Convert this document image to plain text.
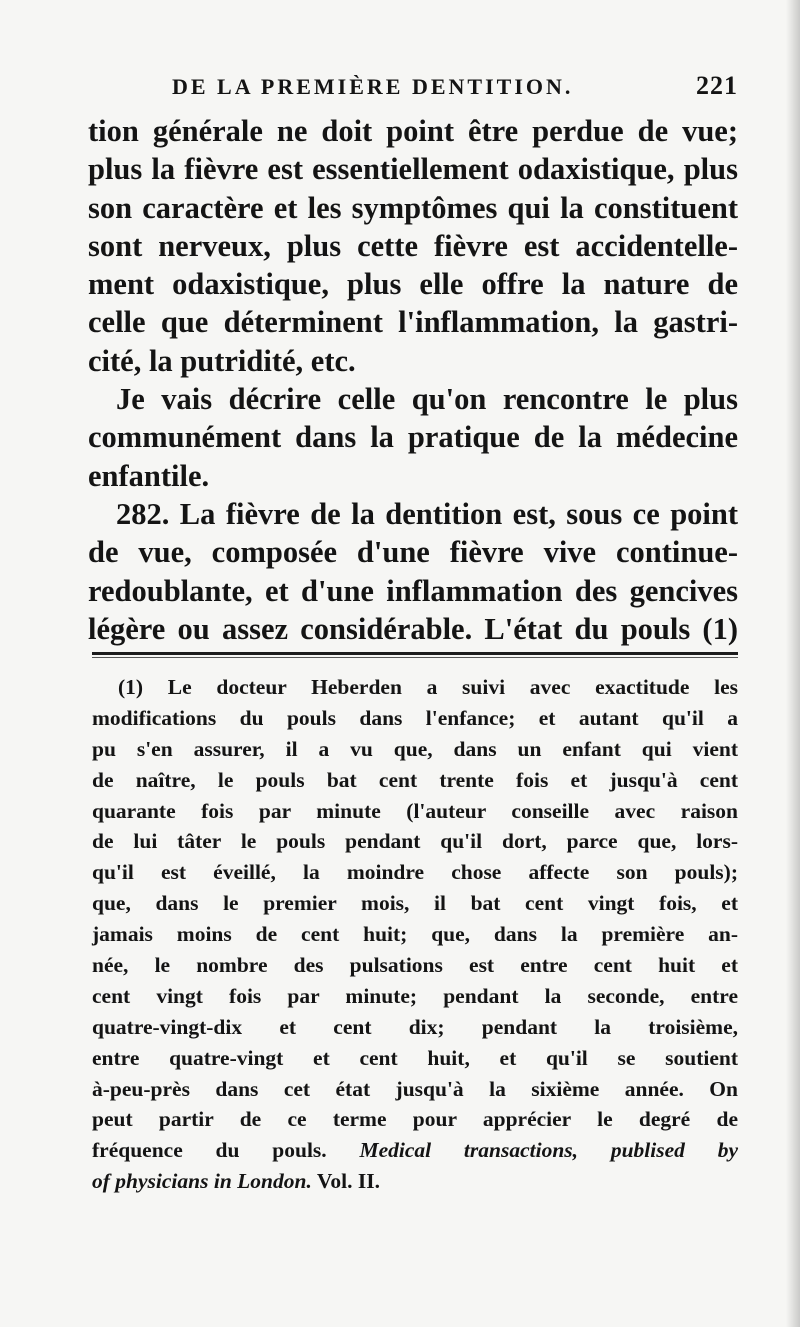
DE LA PREMIÈRE DENTITION.	221
tion générale ne doit point être perdue de vue;
plus la fièvre est essentiellement odaxistique, plus
son caractère et les symptômes qui la constituent
sont nerveux, plus cette fièvre est accidentelle-
ment odaxistique, plus elle offre la nature de
celle que déterminent l'inflammation, la gastri-
cité, la putridité, etc.
Je vais décrire celle qu'on rencontre le plus
communément dans la pratique de la médecine
enfantile.
282. La fièvre de la dentition est, sous ce point
de vue, composée d'une fièvre vive continue-
redoublante, et d'une inflammation des gencives
légère ou assez considérable. L'état du pouls (1)
(1) Le docteur Heberden a suivi avec exactitude les
modifications du pouls dans l'enfance; et autant qu'il a
pu s'en assurer, il a vu que, dans un enfant qui vient
de naître, le pouls bat cent trente fois et jusqu'à cent
quarante fois par minute (l'auteur conseille avec raison
de lui tâter le pouls pendant qu'il dort, parce que, lors-
qu'il est éveillé, la moindre chose affecte son pouls);
que, dans le premier mois, il bat cent vingt fois, et
jamais moins de cent huit; que, dans la première an-
née, le nombre des pulsations est entre cent huit et
cent vingt fois par minute; pendant la seconde, entre
quatre-vingt-dix et cent dix; pendant la troisième,
entre quatre-vingt et cent huit, et qu'il se soutient
à-peu-près dans cet état jusqu'à la sixième année. On
peut partir de ce terme pour apprécier le degré de
fréquence du pouls. Medical transactions, publised by
of physicians in London. Vol. II.
